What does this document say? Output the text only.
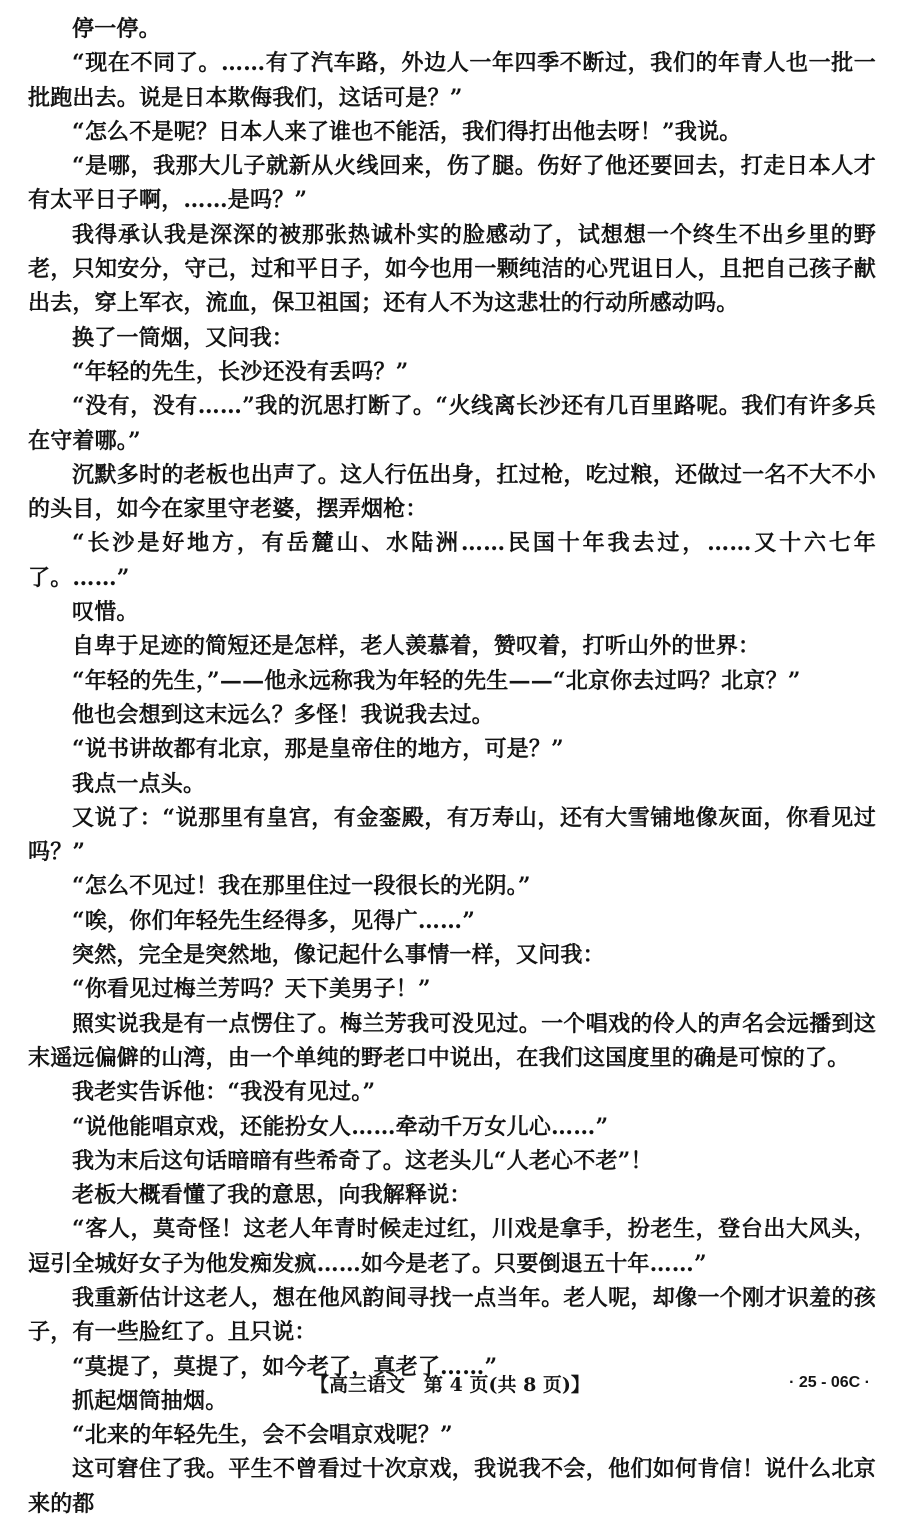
停一停。

“现在不同了。……有了汽车路，外边人一年四季不断过，我们的年青人也一批一批跑出去。说是日本欺侮我们，这话可是？”

“怎么不是呢？日本人来了谁也不能活，我们得打出他去呀！”我说。

“是哪，我那大儿子就新从火线回来，伤了腿。伤好了他还要回去，打走日本人才有太平日子啊，……是吗？”

我得承认我是深深的被那张热诚朴实的脸感动了，试想想一个终生不出乡里的野老，只知安分，守己，过和平日子，如今也用一颗纯洁的心咒诅日人，且把自己孩子献出去，穿上军衣，流血，保卫祖国；还有人不为这悲壮的行动所感动吗。

换了一筒烟，又问我：

“年轻的先生，长沙还没有丢吗？”

“没有，没有……”我的沉思打断了。“火线离长沙还有几百里路呢。我们有许多兵在守着哪。”

沉默多时的老板也出声了。这人行伍出身，扛过枪，吃过粮，还做过一名不大不小的头目，如今在家里守老婆，摆弄烟枪：

“长沙是好地方，有岳麓山、水陆洲……民国十年我去过，……又十六七年了。……”

叹惜。

自卑于足迹的简短还是怎样，老人羡慕着，赞叹着，打听山外的世界：

“年轻的先生，”——他永远称我为年轻的先生——“北京你去过吗？北京？”

他也会想到这末远么？多怪！我说我去过。

“说书讲故都有北京，那是皇帝住的地方，可是？”

我点一点头。

又说了：“说那里有皇宫，有金銮殿，有万寿山，还有大雪铺地像灰面，你看见过吗？”

“怎么不见过！我在那里住过一段很长的光阴。”

“唉，你们年轻先生经得多，见得广……”

突然，完全是突然地，像记起什么事情一样，又问我：

“你看见过梅兰芳吗？天下美男子！”

照实说我是有一点愣住了。梅兰芳我可没见过。一个唱戏的伶人的声名会远播到这末遥远偏僻的山湾，由一个单纯的野老口中说出，在我们这国度里的确是可惊的了。

我老实告诉他：“我没有见过。”

“说他能唱京戏，还能扮女人……牵动千万女儿心……”

我为末后这句话暗暗有些希奇了。这老头儿“人老心不老”！

老板大概看懂了我的意思，向我解释说：

“客人，莫奇怪！这老人年青时候走过红，川戏是拿手，扮老生，登台出大风头，逗引全城好女子为他发痴发疯……如今是老了。只要倒退五十年……”

我重新估计这老人，想在他风韵间寻找一点当年。老人呢，却像一个刚才识羞的孩子，有一些脸红了。且只说：

“莫提了，莫提了，如今老了，真老了……”

抓起烟筒抽烟。

“北来的年轻先生，会不会唱京戏呢？”

这可窘住了我。平生不曾看过十次京戏，我说我不会，他们如何肯信！说什么北京来的都

【高三语文　第 4 页(共 8 页)】	· 25 - 06C ·
